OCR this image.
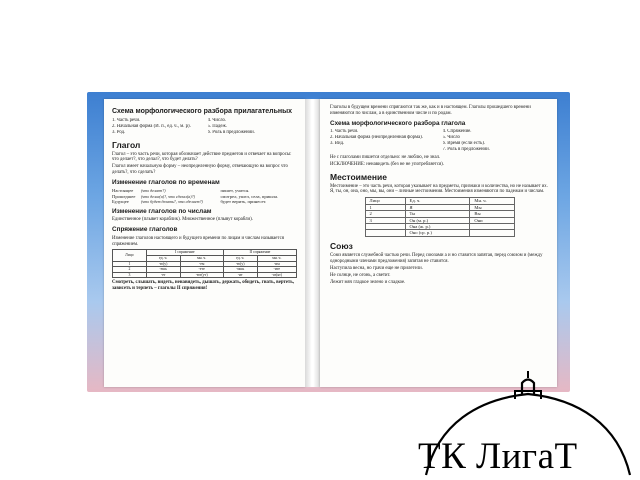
Схема морфологического разбора прилагательных
1. Часть речи.	4. Число.
2. Начальная форма (И. п., ед. ч., м. р).	5. Падеж.
3. Род.	6. Роль в предложении.
Глагол

Глагол – это часть речи, которая обозначает действие предметов и отвечает на вопросы: что делает?, что делал?, что будет делать?

Глагол имеет начальную форму – неопределенную форму, отвечающую на вопрос что делать?, что сделать?

Изменение глаголов по временам
Настоящее	(что делает?)	пишет, учится.
Прошедшее	(что делал(а)?, что сделал(а)?)	смотрел, ушел, села, пришла.
Будущее	(что будет делать?, что сделает?)	будет верить, принесет.
Изменение глаголов по числам

Единственное (плывет кораблик). Множественное (плывут корабли).

Спряжение глаголов

Изменение глаголов настоящего и будущего времени по лицам и числам называется спряжением.

Лицо	I спряжение		II спряжение	
	ед. ч.	мн. ч.	ед. ч.	мн. ч.
1	-ю(у)	-ем	-ю(у)	-им
2	-ешь	-ете	-ишь	-ите
3	-ет	-ют(ут)	-ит	-ат(ят)

Смотреть, слышать, видеть, ненавидеть, дышать, держать, обидеть, гнать, вертеть, зависеть и терпеть – глаголы II спряжения!

Глаголы в будущем времени спрягаются так же, как и в настоящем. Глаголы прошедшего времени изменяются по числам, а в единственном числе и по родам.

Схема морфологического разбора глагола
1. Часть речи.	4. Спряжение.
2. Начальная форма (неопределенная форма).	5. Число
3. Вид.	6. Время (если есть).
7. Роль в предложении.

Не с глаголами пишется отдельно: не люблю, не знал.

ИСКЛЮЧЕНИЕ: ненавидеть (без не не употребляется).

Местоимение

Местоимение – это часть речи, которая указывает на предметы, признаки и количества, но не называет их. Я, ты, он, она, оно, мы, вы, они – личные местоимения. Местоимения изменяются по падежам и числам.

Лицо	Ед. ч.	Мн. ч.
1	Я	Мы
2	Ты	Вы
3	Он (м. р.)	Они
	Она (ж. р.)	
	Оно (ср. р.)	
Союз

Союз является служебной частью речи. Перед союзами а и но ставится запятая, перед союзом и (между однородными членами предложения) запятая не ставится.

Наступила весна, но грачи еще не прилетели.

Не солнце, не огонь, а светит.

Лежит мяч гладкое зелено и сладкое.

ТК ЛигаТ
